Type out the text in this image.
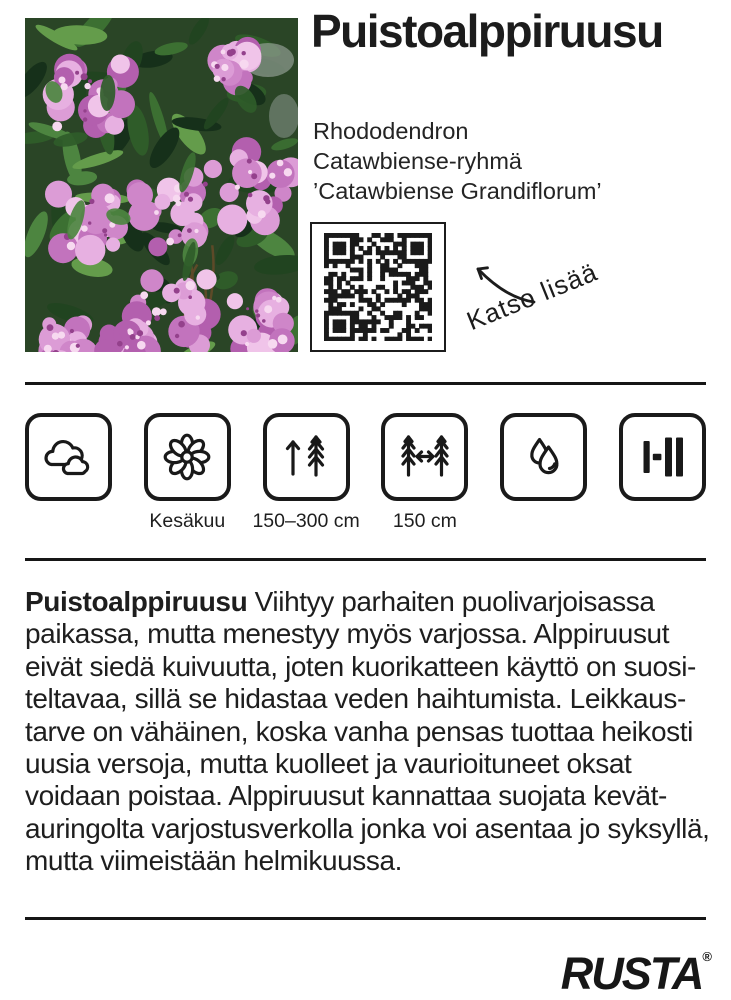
Puistoalppiruusu
Rhododendron
Catawbiense-ryhmä
’Catawbiense Grandiflorum’
Katso lisää
Kesäkuu 150–300 cm 150 cm
Puistoalppiruusu Viihtyy parhaiten puolivarjoisassa
paikassa, mutta menestyy myös varjossa. Alppiruusut
eivät siedä kuivuutta, joten kuorikatteen käyttö on suosi-
teltavaa, sillä se hidastaa veden haihtumista. Leikkaus-
tarve on vähäinen, koska vanha pensas tuottaa heikosti
uusia versoja, mutta kuolleet ja vaurioituneet oksat
voidaan poistaa. Alppiruusut kannattaa suojata kevät-
auringolta varjostusverkolla jonka voi asentaa jo syksyllä,
mutta viimeistään helmikuussa.
RUSTA®
